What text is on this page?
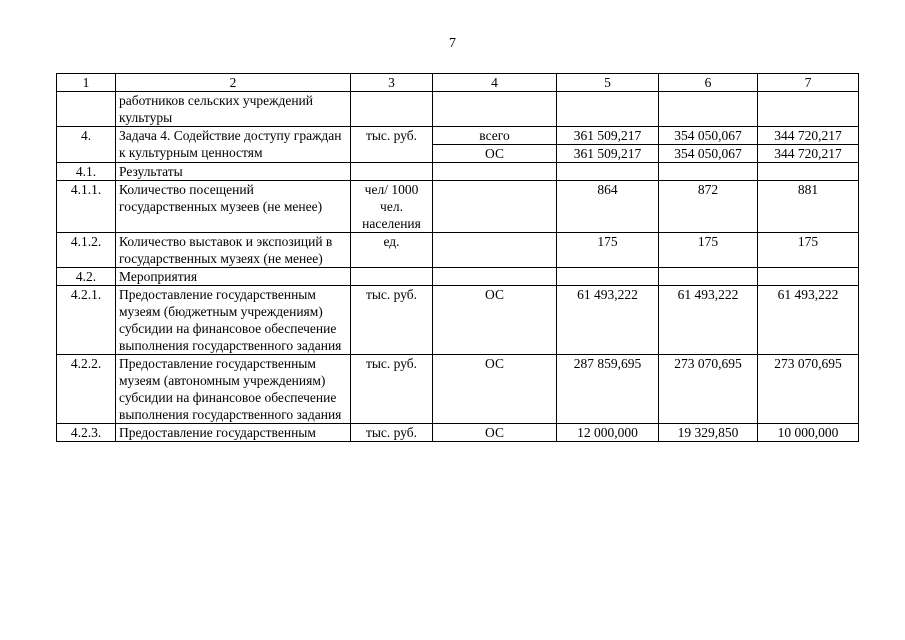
7
1	2	3	4	5	6	7
	работников сельских учреждений культуры					
4.	Задача 4. Содействие доступу граждан к культурным ценностям	тыс. руб.	всего	361 509,217	354 050,067	344 720,217
			ОС	361 509,217	354 050,067	344 720,217
4.1.	Результаты					
4.1.1.	Количество посещений государственных музеев (не менее)	чел/ 1000 чел. населения		864	872	881
4.1.2.	Количество выставок и экспозиций в государственных музеях (не менее)	ед.		175	175	175
4.2.	Мероприятия					
4.2.1.	Предоставление государственным музеям (бюджетным учреждениям) субсидии на финансовое обеспечение выполнения государственного задания	тыс. руб.	ОС	61 493,222	61 493,222	61 493,222
4.2.2.	Предоставление государственным музеям (автономным учреждениям) субсидии на финансовое обеспечение выполнения государственного задания	тыс. руб.	ОС	287 859,695	273 070,695	273 070,695
4.2.3.	Предоставление государственным	тыс. руб.	ОС	12 000,000	19 329,850	10 000,000
